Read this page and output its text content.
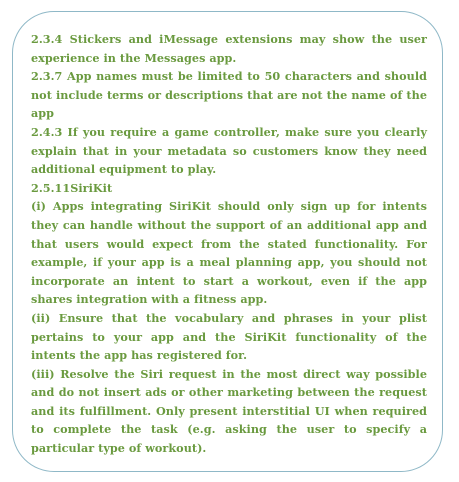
2.3.4 Stickers and iMessage extensions may show the user experience in the Messages app.

2.3.7 App names must be limited to 50 characters and should not include terms or descriptions that are not the name of the app

2.4.3 If you require a game controller, make sure you clearly explain that in your metadata so customers know they need additional equipment to play.

2.5.11SiriKit

(i) Apps integrating SiriKit should only sign up for intents they can handle without the support of an additional app and that users would expect from the stated functionality. For example, if your app is a meal planning app, you should not incorporate an intent to start a workout, even if the app shares integration with a fitness app.

(ii) Ensure that the vocabulary and phrases in your plist pertains to your app and the SiriKit functionality of the intents the app has registered for.

(iii) Resolve the Siri request in the most direct way possible and do not insert ads or other marketing between the request and its fulfillment. Only present interstitial UI when required to complete the task (e.g. asking the user to specify a particular type of workout).
